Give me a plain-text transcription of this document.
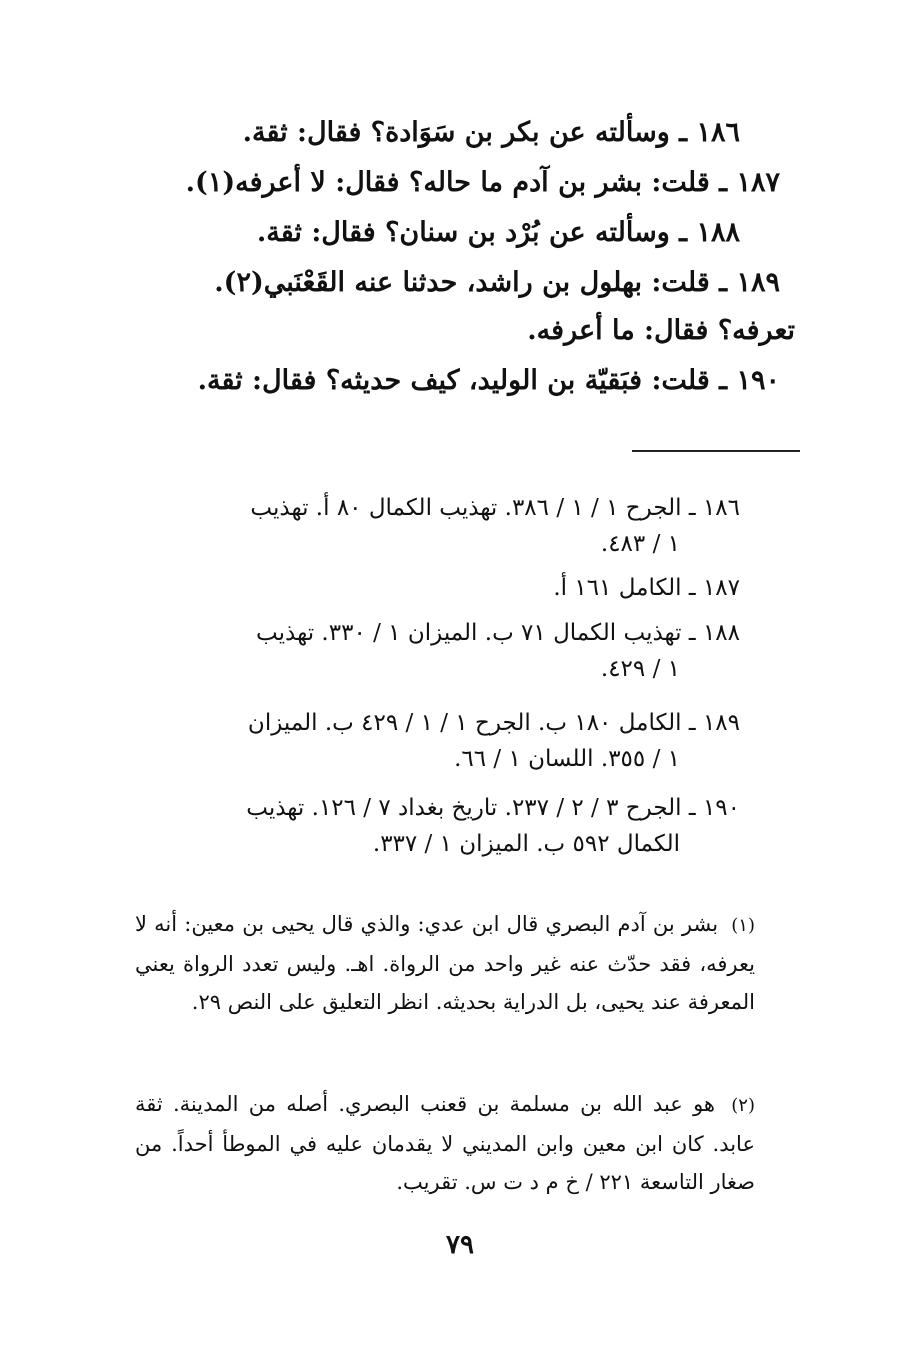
١٨٦ ـ وسألته عن بكر بن سَوَادة؟ فقال: ثقة.
١٨٧ ـ قلت: بشر بن آدم ما حاله؟ فقال: لا أعرفه(١).
١٨٨ ـ وسألته عن بُرْد بن سنان؟ فقال: ثقة.
١٨٩ ـ قلت: بهلول بن راشد، حدثنا عنه القَعْنَبي(٢).
تعرفه؟ فقال: ما أعرفه.
١٩٠ ـ قلت: فبَقيّة بن الوليد، كيف حديثه؟ فقال: ثقة.
١٨٦ ـ الجرح ١ / ١ / ٣٨٦. تهذيب الكمال ٨٠ أ. تهذيب
١ / ٤٨٣.
١٨٧ ـ الكامل ١٦١ أ.
١٨٨ ـ تهذيب الكمال ٧١ ب. الميزان ١ / ٣٣٠. تهذيب
١ / ٤٢٩.
١٨٩ ـ الكامل ١٨٠ ب. الجرح ١ / ١ / ٤٢٩ ب. الميزان
١ / ٣٥٥. اللسان ١ / ٦٦.
١٩٠ ـ الجرح ٣ / ٢ / ٢٣٧. تاريخ بغداد ٧ / ١٢٦. تهذيب
الكمال ٥٩٢ ب. الميزان ١ / ٣٣٧.
(١) بشر بن آدم البصري قال ابن عدي: والذي قال يحيى بن معين: أنه لا يعرفه، فقد حدّث عنه غير واحد من الرواة. اهـ. وليس تعدد الرواة يعني المعرفة عند يحيى، بل الدراية بحديثه. انظر التعليق على النص ٢٩.
(٢) هو عبد الله بن مسلمة بن قعنب البصري. أصله من المدينة. ثقة عابد. كان ابن معين وابن المديني لا يقدمان عليه في الموطأ أحداً. من صغار التاسعة ٢٢١ / خ م د ت س. تقريب.
٧٩
